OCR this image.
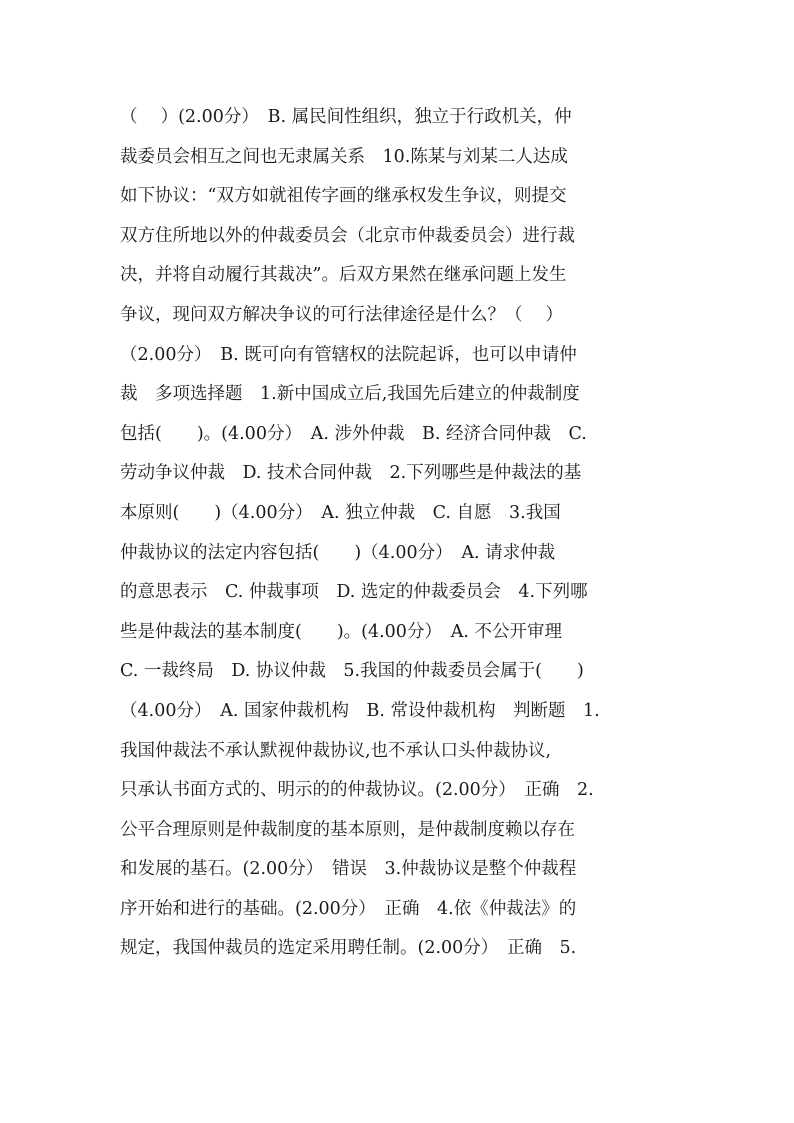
（　 ）(2.00分）　B. 属民间性组织，独立于行政机关，仲
裁委员会相互之间也无隶属关系　10.陈某与刘某二人达成
如下协议：“双方如就祖传字画的继承权发生争议，则提交
双方住所地以外的仲裁委员会（北京市仲裁委员会）进行裁
决，并将自动履行其裁决”。后双方果然在继承问题上发生
争议，现问双方解决争议的可行法律途径是什么？（　 ）
（2.00分）　B. 既可向有管辖权的法院起诉，也可以申请仲
裁　多项选择题　1.新中国成立后,我国先后建立的仲裁制度
包括(　　)。(4.00分）　A. 涉外仲裁　B. 经济合同仲裁　C.
劳动争议仲裁　D. 技术合同仲裁　2.下列哪些是仲裁法的基
本原则(　　)（4.00分）　A. 独立仲裁　C. 自愿　3.我国
仲裁协议的法定内容包括(　　)（4.00分）　A. 请求仲裁
的意思表示　C. 仲裁事项　D. 选定的仲裁委员会　4.下列哪
些是仲裁法的基本制度(　　)。(4.00分）　A. 不公开审理
C. 一裁终局　D. 协议仲裁　5.我国的仲裁委员会属于(　　)
（4.00分）　A. 国家仲裁机构　B. 常设仲裁机构　判断题　1.
我国仲裁法不承认默视仲裁协议,也不承认口头仲裁协议,
只承认书面方式的、明示的的仲裁协议。(2.00分）　正确　2.
公平合理原则是仲裁制度的基本原则，是仲裁制度赖以存在
和发展的基石。(2.00分）　错误　3.仲裁协议是整个仲裁程
序开始和进行的基础。(2.00分）　正确　4.依《仲裁法》的
规定，我国仲裁员的选定采用聘任制。(2.00分）　正确　5.
